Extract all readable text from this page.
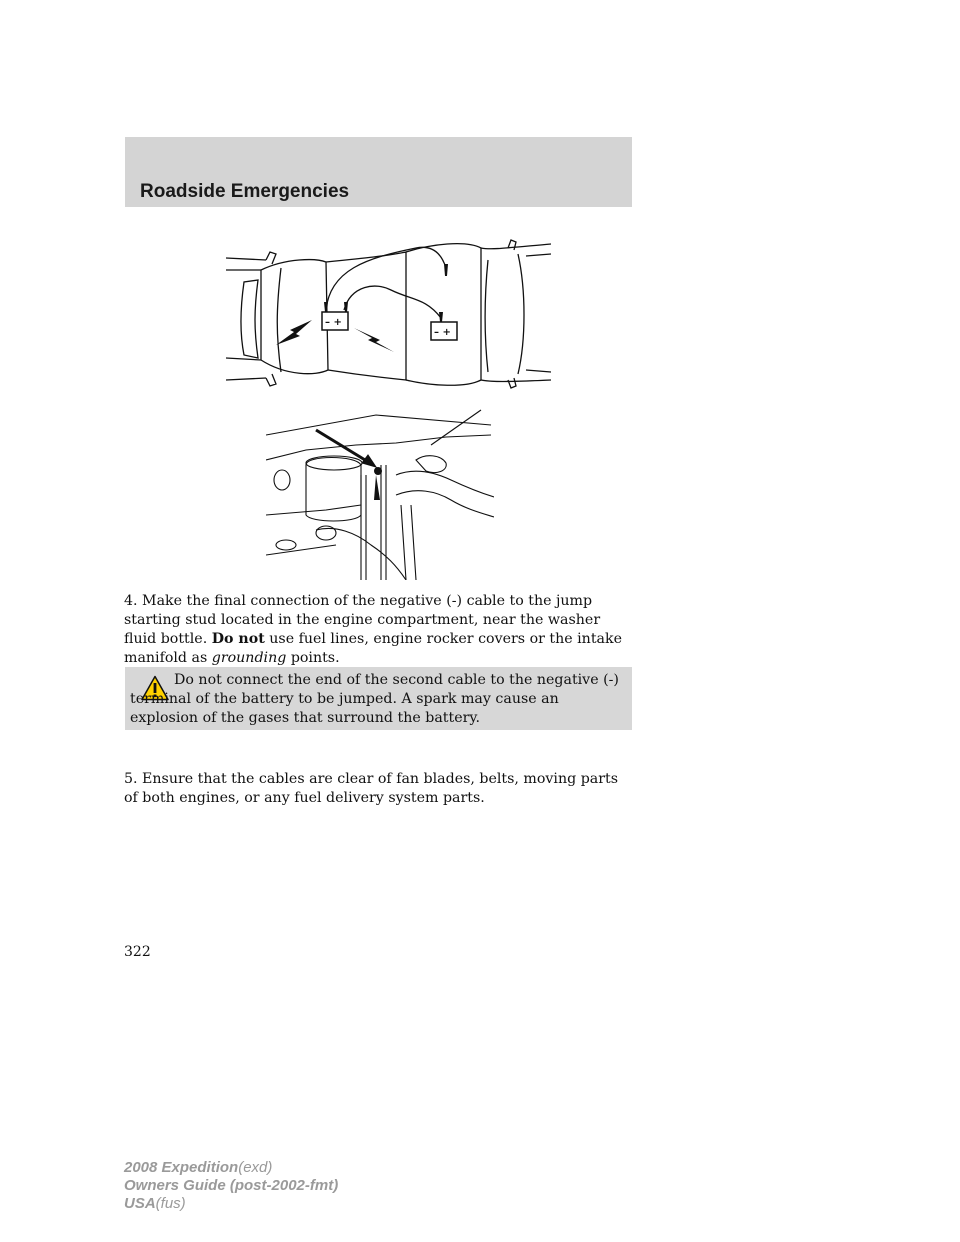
Roadside Emergencies
– +
– +

4. Make the final connection of the negative (-) cable to the jump starting stud located in the engine compartment, near the washer fluid bottle. Do not use fuel lines, engine rocker covers or the intake manifold as grounding points.

Do not connect the end of the second cable to the negative (-) terminal of the battery to be jumped. A spark may cause an explosion of the gases that surround the battery.

5. Ensure that the cables are clear of fan blades, belts, moving parts of both engines, or any fuel delivery system parts.

322

2008 Expedition(exd)
Owners Guide (post-2002-fmt)
USA(fus)
